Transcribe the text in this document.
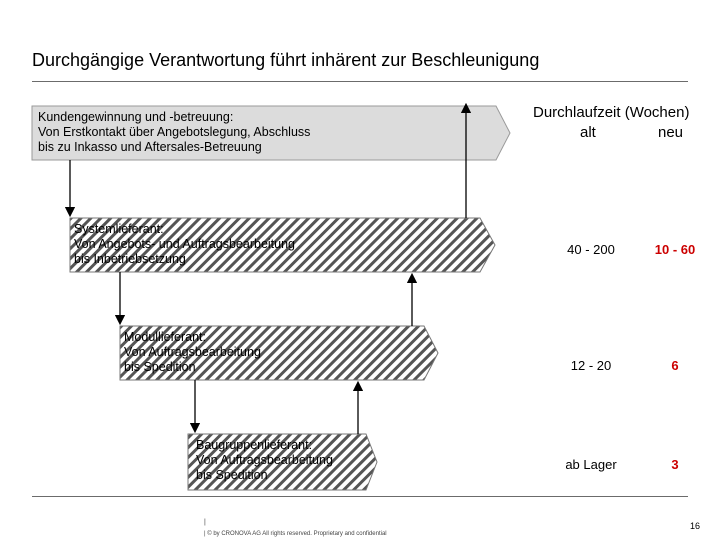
Durchgängige Verantwortung führt inhärent zur Beschleunigung
Kundengewinnung und -betreuung:
Von Erstkontakt über Angebotslegung, Abschluss
bis zu Inkasso und Aftersales-Betreuung
Systemlieferant:
Von Angebots- und Auftragsbearbeitung
bis Inbetriebsetzung
Modullieferant:
Von Auftragsbearbeitung
bis Spedition
Baugruppenlieferant:
Von Auftragsbearbeitung
bis Spedition
Durchlaufzeit (Wochen)
alt	neu
40 - 200	10 - 60
12 - 20	6
ab Lager	3
|
| © by CRONOVA AG All rights reserved. Proprietary and confidential
16
